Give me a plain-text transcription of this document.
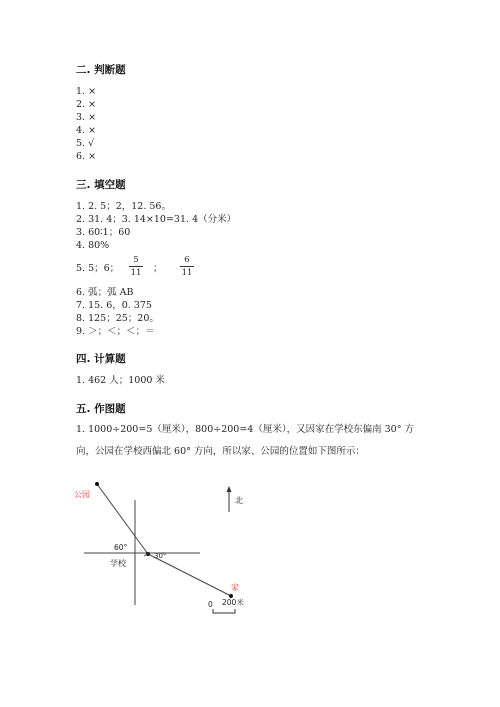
二. 判断题
1. ×
2. ×
3. ×
4. ×
5. √
6. ×
三. 填空题
1. 2. 5；2，12. 56。
2. 31. 4；3. 14×10=31. 4（分米）
3. 60∶1；60
4. 80%
5. 5；6； $\frac{5}{11}$ ； $\frac{6}{11}$
6. 弧；弧 AB
7. 15. 6，0. 375
8. 125；25；20。
9. ＞；＜；＜；＝
四. 计算题
1. 462 人；1000 米
五. 作图题
1. 1000÷200=5（厘米），800÷200=4（厘米），又因家在学校东偏南 30° 方
向，公园在学校西偏北 60° 方向，所以家、公园的位置如下图所示：
公园
北
60°
30°
学校
家
0 200米
